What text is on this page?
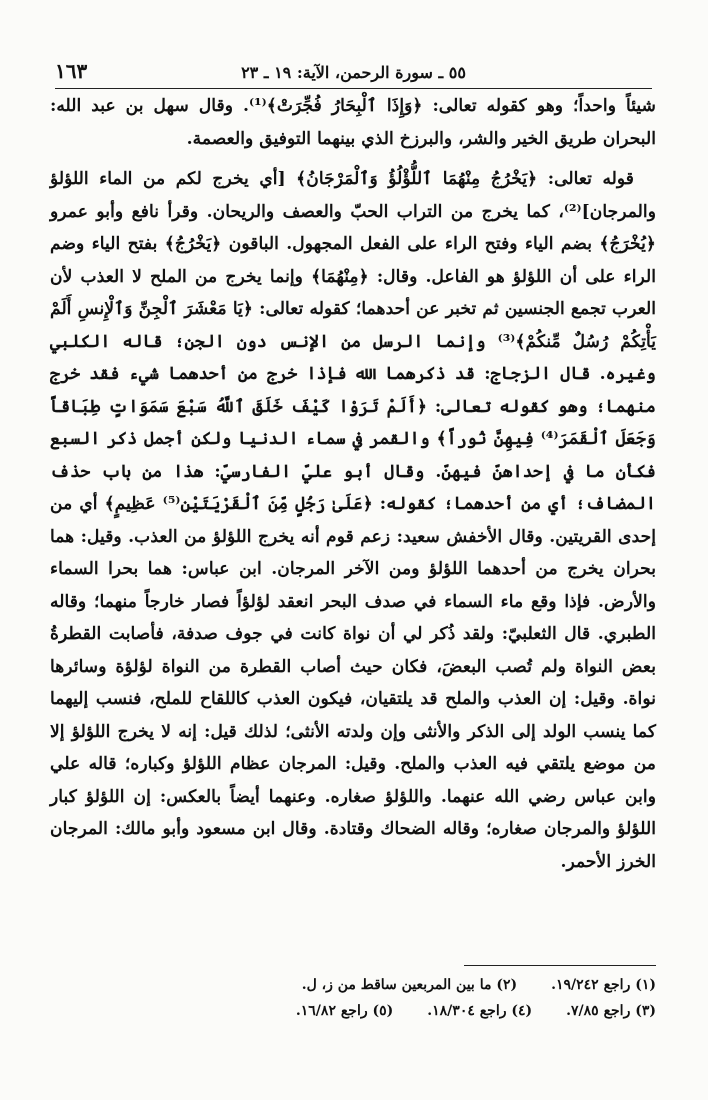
١٦٣	٥٥ ـ سورة الرحمن، الآية: ١٩ ـ ٢٣

شيئاً واحداً؛ وهو كقوله تعالى: ﴿وَإِذَا ٱلْبِحَارُ فُجِّرَتْ﴾⁽¹⁾. وقال سهل بن عبد الله: البحران طريق الخير والشر، والبرزخ الذي بينهما التوفيق والعصمة.

قوله تعالى: ﴿يَخْرُجُ مِنْهُمَا ٱللُّؤْلُؤُ وَٱلْمَرْجَانُ﴾ [أي يخرج لكم من الماء اللؤلؤ والمرجان]⁽²⁾، كما يخرج من التراب الحبّ والعصف والريحان. وقرأ نافع وأبو عمرو ﴿يُخْرَجُ﴾ بضم الياء وفتح الراء على الفعل المجهول. الباقون ﴿يَخْرُجُ﴾ بفتح الياء وضم الراء على أن اللؤلؤ هو الفاعل. وقال: ﴿مِنْهُمَا﴾ وإنما يخرج من الملح لا العذب لأن العرب تجمع الجنسين ثم تخبر عن أحدهما؛ كقوله تعالى: ﴿يَا مَعْشَرَ ٱلْجِنِّ وَٱلْإِنسِ أَلَمْ يَأْتِكُمْ رُسُلٌ مِّنكُمْ﴾⁽³⁾ وإنما الرسل من الإنس دون الجن؛ قاله الكلبي وغيره. قال الزجاج: قد ذكرهما الله فإذا خرج من أحدهما شيء فقد خرج منهما؛ وهو كقوله تعالى: ﴿أَلَمْ تَرَوْا كَيْفَ خَلَقَ ٱللَّهُ سَبْعَ سَمَوَاتٍ طِبَاقاً وَجَعَلَ ٱلْقَمَرَ⁽⁴⁾ فِيهِنَّ نُوراً﴾ والقمر في سماء الدنيا ولكن أجمل ذكر السبع فكأن ما في إحداهنّ فيهنّ. وقال أبو عليّ الفارسيّ: هذا من باب حذف المضاف؛ أي من أحدهما؛ كقوله: ﴿عَلَىٰ رَجُلٍ مِّنَ ٱلْقَرْيَتَيْنِ⁽⁵⁾ عَظِيمٍ﴾ أي من إحدى القريتين. وقال الأخفش سعيد: زعم قوم أنه يخرج اللؤلؤ من العذب. وقيل: هما بحران يخرج من أحدهما اللؤلؤ ومن الآخر المرجان. ابن عباس: هما بحرا السماء والأرض. فإذا وقع ماء السماء في صدف البحر انعقد لؤلؤاً فصار خارجاً منهما؛ وقاله الطبري. قال الثعلبيّ: ولقد ذُكر لي أن نواة كانت في جوف صدفة، فأصابت القطرةُ بعض النواة ولم تُصب البعضَ، فكان حيث أصاب القطرة من النواة لؤلؤة وسائرها نواة. وقيل: إن العذب والملح قد يلتقيان، فيكون العذب كاللقاح للملح، فنسب إليهما كما ينسب الولد إلى الذكر والأنثى وإن ولدته الأنثى؛ لذلك قيل: إنه لا يخرج اللؤلؤ إلا من موضع يلتقي فيه العذب والملح. وقيل: المرجان عظام اللؤلؤ وكباره؛ قاله علي وابن عباس رضي الله عنهما. واللؤلؤ صغاره. وعنهما أيضاً بالعكس: إن اللؤلؤ كبار اللؤلؤ والمرجان صغاره؛ وقاله الضحاك وقتادة. وقال ابن مسعود وأبو مالك: المرجان الخرز الأحمر.

(١) راجع ١٩/٢٤٢.
(٢) ما بين المربعين ساقط من ز، ل.
(٣) راجع ٧/٨٥.
(٤) راجع ١٨/٣٠٤.
(٥) راجع ١٦/٨٢.
